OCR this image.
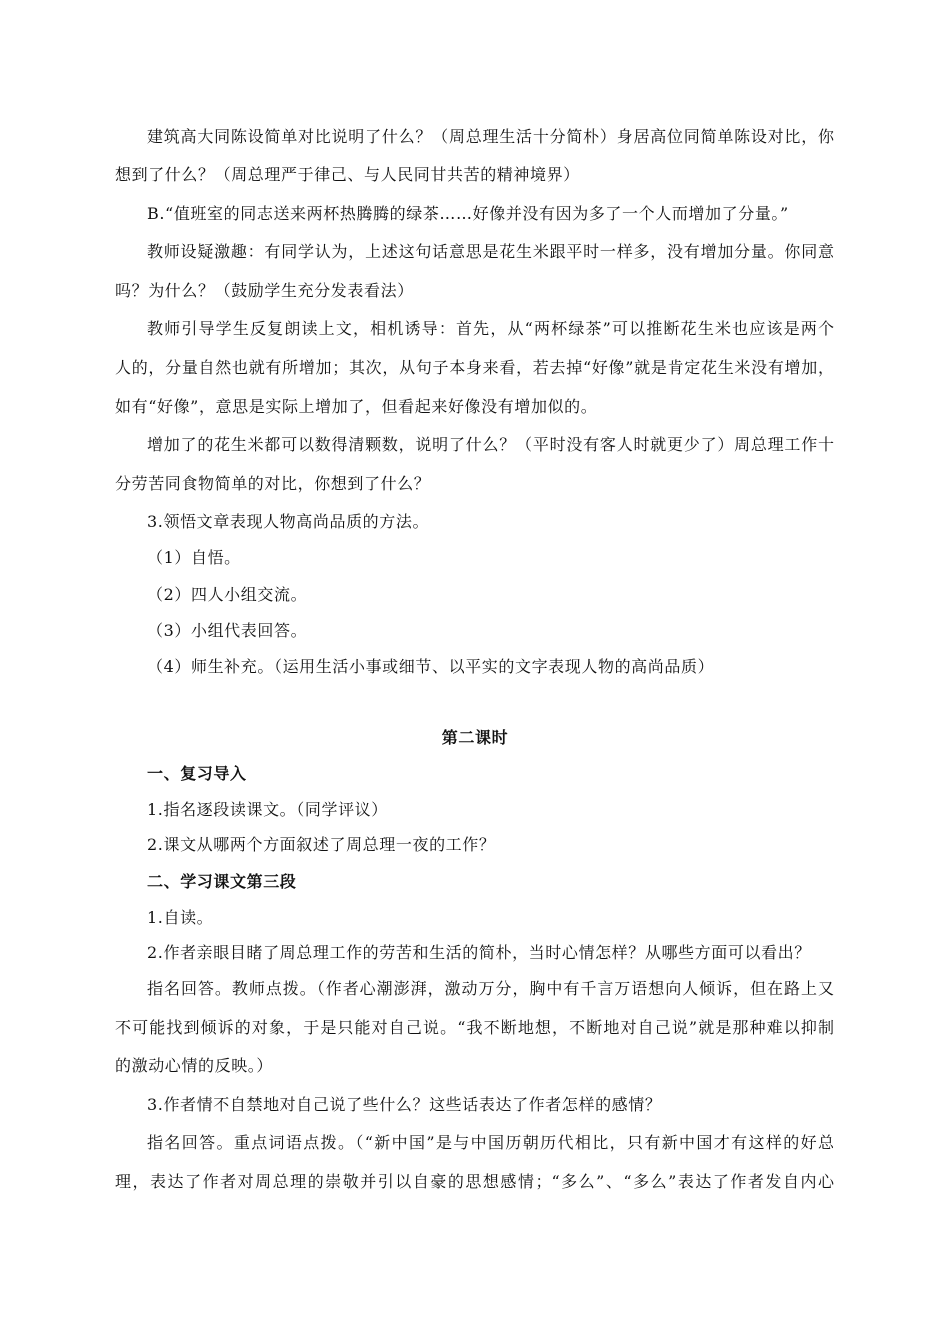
建筑高大同陈设简单对比说明了什么？（周总理生活十分简朴）身居高位同简单陈设对比，你
想到了什么？（周总理严于律己、与人民同甘共苦的精神境界）
B.“值班室的同志送来两杯热腾腾的绿茶……好像并没有因为多了一个人而增加了分量。”
教师设疑激趣：有同学认为，上述这句话意思是花生米跟平时一样多，没有增加分量。你同意
吗？为什么？（鼓励学生充分发表看法）
教师引导学生反复朗读上文，相机诱导：首先，从“两杯绿茶”可以推断花生米也应该是两个
人的，分量自然也就有所增加；其次，从句子本身来看，若去掉“好像”就是肯定花生米没有增加，
如有“好像”，意思是实际上增加了，但看起来好像没有增加似的。
增加了的花生米都可以数得清颗数，说明了什么？（平时没有客人时就更少了）周总理工作十
分劳苦同食物简单的对比，你想到了什么？
3.领悟文章表现人物高尚品质的方法。
（1）自悟。
（2）四人小组交流。
（3）小组代表回答。
（4）师生补充。（运用生活小事或细节、以平实的文字表现人物的高尚品质）
第二课时
一、复习导入
1.指名逐段读课文。（同学评议）
2.课文从哪两个方面叙述了周总理一夜的工作？
二、学习课文第三段
1.自读。
2.作者亲眼目睹了周总理工作的劳苦和生活的简朴，当时心情怎样？从哪些方面可以看出？
指名回答。教师点拨。（作者心潮澎湃，激动万分，胸中有千言万语想向人倾诉，但在路上又
不可能找到倾诉的对象，于是只能对自己说。“我不断地想，不断地对自己说”就是那种难以抑制
的激动心情的反映。）
3.作者情不自禁地对自己说了些什么？这些话表达了作者怎样的感情？
指名回答。重点词语点拨。（“新中国”是与中国历朝历代相比，只有新中国才有这样的好总
理，表达了作者对周总理的崇敬并引以自豪的思想感情；“多么”、“多么”表达了作者发自内心
